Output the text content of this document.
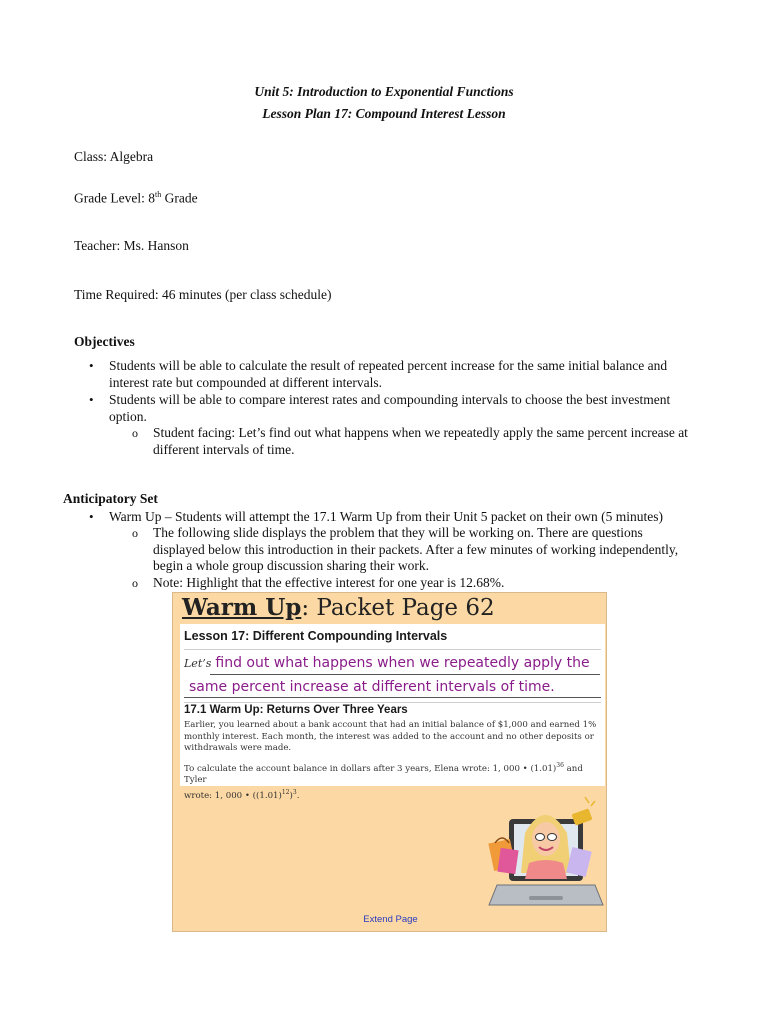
Unit 5: Introduction to Exponential Functions
Lesson Plan 17: Compound Interest Lesson
Class: Algebra
Grade Level: 8th Grade
Teacher: Ms. Hanson
Time Required: 46 minutes (per class schedule)
Objectives
• Students will be able to calculate the result of repeated percent increase for the same initial balance and
interest rate but compounded at different intervals.
• Students will be able to compare interest rates and compounding intervals to choose the best investment
option.
o Student facing: Let’s find out what happens when we repeatedly apply the same percent increase at
different intervals of time.
Anticipatory Set
• Warm Up – Students will attempt the 17.1 Warm Up from their Unit 5 packet on their own (5 minutes)
o The following slide displays the problem that they will be working on. There are questions
displayed below this introduction in their packets. After a few minutes of working independently,
begin a whole group discussion sharing their work.
o Note: Highlight that the effective interest for one year is 12.68%.
Warm Up: Packet Page 62
Lesson 17: Different Compounding Intervals
Let’s find out what happens when we repeatedly apply the
same percent increase at different intervals of time.
17.1 Warm Up: Returns Over Three Years
Earlier, you learned about a bank account that had an initial balance of $1,000 and earned 1%
monthly interest. Each month, the interest was added to the account and no other deposits or
withdrawals were made.
To calculate the account balance in dollars after 3 years, Elena wrote: 1, 000 • $(1.01)^{36}$ and Tyler
wrote: 1, 000 • $((1.01)^{12})^3$.
Extend Page
